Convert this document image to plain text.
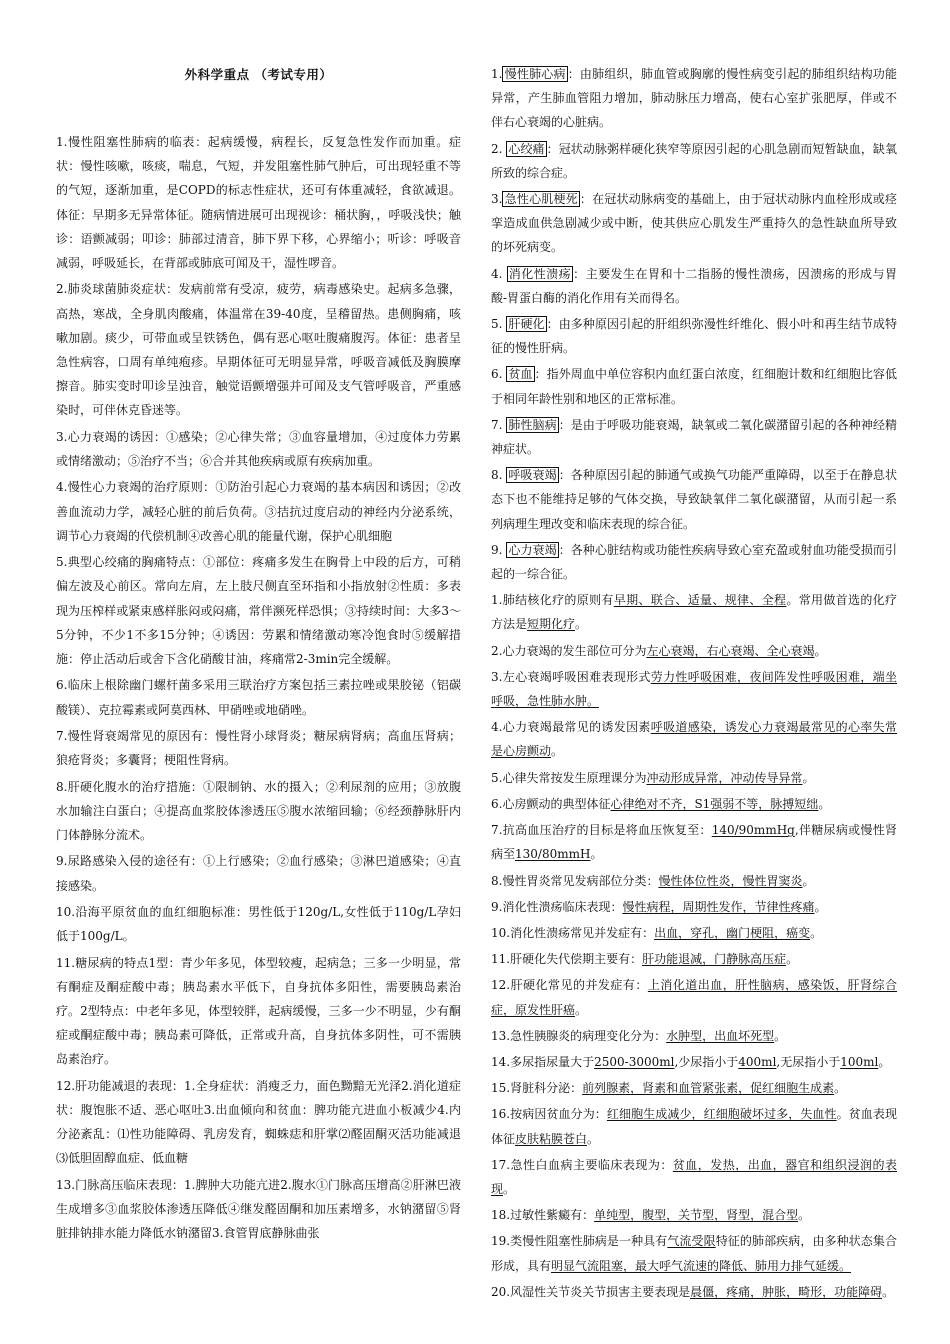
外科学重点 （考试专用）
1.慢性阻塞性肺病的临表：起病缓慢，病程长，反复急性发作而加重。症状：慢性咳嗽，咳痰，喘息，气短，并发阻塞性肺气肿后，可出现轻重不等的气短，逐渐加重，是COPD的标志性症状，还可有体重减轻，食欲减退。体征：早期多无异常体征。随病情进展可出现视诊：桶状胸，，呼吸浅快；触诊：语颤减弱；叩诊：肺部过清音，肺下界下移，心界缩小；听诊：呼吸音减弱，呼吸延长，在背部或肺底可闻及干，湿性啰音。
2.肺炎球菌肺炎症状：发病前常有受凉，疲劳，病毒感染史。起病多急骤，高热，寒战，全身肌肉酸痛，体温常在39-40度，呈稽留热。患侧胸痛，咳嗽加剧。痰少，可带血或呈铁锈色，偶有恶心呕吐腹痛腹泻。体征：患者呈急性病容，口周有单纯疱疹。早期体征可无明显异常，呼吸音减低及胸膜摩擦音。肺实变时叩诊呈浊音，触觉语颤增强并可闻及支气管呼吸音，严重感染时，可伴休克昏迷等。
3.心力衰竭的诱因：①感染；②心律失常；③血容量增加，④过度体力劳累或情绪激动；⑤治疗不当；⑥合并其他疾病或原有疾病加重。
4.慢性心力衰竭的治疗原则：①防治引起心力衰竭的基本病因和诱因；②改善血流动力学，减轻心脏的前后负荷。③拮抗过度启动的神经内分泌系统，调节心力衰竭的代偿机制④改善心肌的能量代谢，保护心肌细胞
5.典型心绞痛的胸痛特点：①部位：疼痛多发生在胸骨上中段的后方，可稍偏左波及心前区。常向左肩，左上肢尺侧直至环指和小指放射②性质：多表现为压榨样或紧束感样胀闷或闷痛，常伴濒死样恐惧；③持续时间：大多3～5分钟，不少1不多15分钟；④诱因：劳累和情绪激动寒冷饱食时⑤缓解措施：停止活动后或舍下含化硝酸甘油，疼痛常2-3min完全缓解。
6.临床上根除幽门螺杆菌多采用三联治疗方案包括三素拉唑或果胶铋（铝碳酸镁）、克拉霉素或阿莫西林、甲硝唑或地硝唑。
7.慢性肾衰竭常见的原因有：慢性肾小球肾炎；糖尿病肾病；高血压肾病；狼疮肾炎；多囊肾；梗阻性肾病。
8.肝硬化腹水的治疗措施：①限制钠、水的摄入；②利尿剂的应用；③放腹水加输注白蛋白；④提高血浆胶体渗透压⑤腹水浓缩回输；⑥经颈静脉肝内门体静脉分流术。
9.尿路感染入侵的途径有：①上行感染；②血行感染；③淋巴道感染；④直接感染。
10.沿海平原贫血的血红细胞标准：男性低于120g/L,女性低于110g/L孕妇低于100g/L。
11.糖尿病的特点1型：青少年多见，体型较瘦，起病急；三多一少明显，常有酮症及酮症酸中毒；胰岛素水平低下，自身抗体多阳性，需要胰岛素治疗。2型特点：中老年多见，体型较胖，起病缓慢，三多一少不明显，少有酮症或酮症酸中毒；胰岛素可降低，正常或升高，自身抗体多阴性，可不需胰岛素治疗。
12.肝功能减退的表现：1.全身症状：消瘦乏力，面色黝黯无光泽2.消化道症状：腹饱胀不适、恶心呕吐3.出血倾向和贫血：脾功能亢进血小板减少4.内分泌紊乱：⑴性功能障碍、乳房发育，蜘蛛痣和肝掌⑵醛固酮灭活功能减退⑶低胆固醇血症、低血糖
13.门脉高压临床表现：1.脾肿大功能亢进2.腹水①门脉高压增高②肝淋巴液生成增多③血浆胶体渗透压降低④继发醛固酮和加压素增多，水钠潴留⑤肾脏排钠排水能力降低水钠潴留3.食管胃底静脉曲张
1. 慢性肺心病 ：由肺组织，肺血管或胸廓的慢性病变引起的肺组织结构功能异常，产生肺血管阻力增加，肺动脉压力增高，使右心室扩张肥厚，伴或不伴右心衰竭的心脏病。
2. 心绞痛 ：冠状动脉粥样硬化狭窄等原因引起的心肌急剧而短暂缺血，缺氧所致的综合症。
3. 急性心肌梗死 ：在冠状动脉病变的基础上，由于冠状动脉内血栓形成或痉挛造成血供急剧减少或中断，使其供应心肌发生严重持久的急性缺血所导致的坏死病变。
4. 消化性溃疡 ：主要发生在胃和十二指肠的慢性溃疡，因溃疡的形成与胃酸-胃蛋白酶的消化作用有关而得名。
5. 肝硬化 ：由多种原因引起的肝组织弥漫性纤维化、假小叶和再生结节成特征的慢性肝病。
6. 贫血 ：指外周血中单位容积内血红蛋白浓度，红细胞计数和红细胞比容低于相同年龄性别和地区的正常标准。
7. 肺性脑病 ：是由于呼吸功能衰竭，缺氧或二氧化碳潴留引起的各种神经精神症状。
8. 呼吸衰竭 ：各种原因引起的肺通气或换气功能严重障碍，以至于在静息状态下也不能维持足够的气体交换，导致缺氧伴二氧化碳潴留，从而引起一系列病理生理改变和临床表现的综合征。
9. 心力衰竭 ：各种心脏结构或功能性疾病导致心室充盈或射血功能受损而引起的一综合征。
1.肺结核化疗的原则有早期、联合、适量、规律、全程。常用做首选的化疗方法是短期化疗。
2.心力衰竭的发生部位可分为左心衰竭，右心衰竭、全心衰竭。
3.左心衰竭呼吸困难表现形式劳力性呼吸困难，夜间阵发性呼吸困难，端坐呼吸，急性肺水肿。
4.心力衰竭最常见的诱发因素呼吸道感染，诱发心力衰竭最常见的心率失常是心房颤动。
5.心律失常按发生原理课分为冲动形成异常，冲动传导异常。
6.心房颤动的典型体征心律绝对不齐，S1强弱不等，脉搏短绌。
7.抗高血压治疗的目标是将血压恢复至：140/90mmHg,伴糖尿病或慢性肾病至130/80mmH。
8.慢性胃炎常见发病部位分类：慢性体位性炎，慢性胃窦炎。
9.消化性溃疡临床表现：慢性病程，周期性发作，节律性疼痛。
10.消化性溃疡常见并发症有：出血，穿孔，幽门梗阻，癌变。
11.肝硬化失代偿期主要有：肝功能退减，门静脉高压症。
12.肝硬化常见的并发症有：上消化道出血，肝性脑病，感染饭，肝肾综合症，原发性肝癌。
13.急性胰腺炎的病理变化分为：水肿型，出血坏死型。
14.多尿指尿量大于2500-3000ml,少尿指小于400ml,无尿指小于100ml。
15.肾脏科分泌：前列腺素，肾素和血管紧张素，促红细胞生成素。
16.按病因贫血分为：红细胞生成减少，红细胞破坏过多，失血性。贫血表现体征皮肤粘膜苍白。
17.急性白血病主要临床表现为：贫血，发热，出血，器官和组织浸润的表现。
18.过敏性紫癜有：单纯型，腹型，关节型，肾型，混合型。
19.类慢性阻塞性肺病是一种具有气流受限特征的肺部疾病，由多种状态集合形成，具有明显气流阻塞，最大呼气流速的降低、肺用力排气延缓。
20.风湿性关节炎关节损害主要表现是晨僵，疼痛，肿胀，畸形，功能障碍。
